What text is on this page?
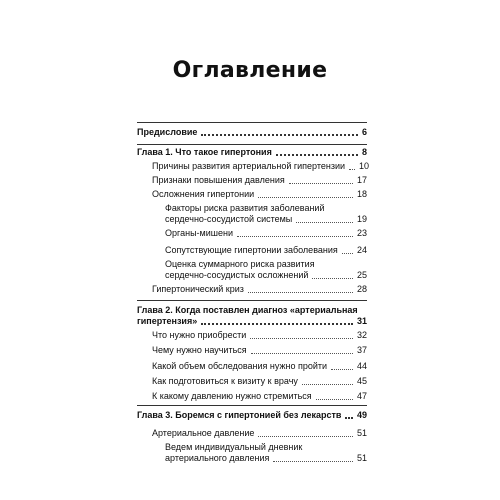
Оглавление
Предисловие	6
Глава 1. Что такое гипертония	8
Причины развития артериальной гипертензии 10
Признаки повышения давления	17
Осложнения гипертонии	18
Факторы риска развития заболеваний
сердечно-сосудистой системы	19
Органы-мишени	23
Сопутствующие гипертонии заболевания 24
Оценка суммарного риска развития
сердечно-сосудистых осложнений	25
Гипертонический криз	28
Глава 2. Когда поставлен диагноз «артериальная
гипертензия»	31
Что нужно приобрести	32
Чему нужно научиться	37
Какой объем обследования нужно пройти	44
Как подготовиться к визиту к врачу	45
К какому давлению нужно стремиться	47
Глава 3. Боремся с гипертонией без лекарств 49
Артериальное давление	51
Ведем индивидуальный дневник
артериального давления	51
